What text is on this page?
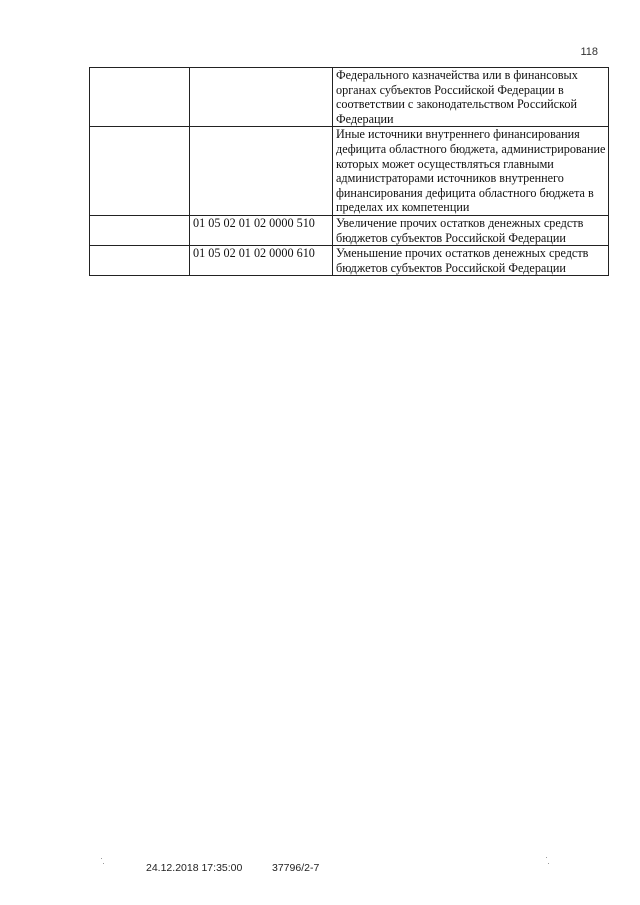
118
		Федерального казначейства или в финансовых органах субъектов Российской Федерации в соответствии с законодательством Российской Федерации
		Иные источники внутреннего финансирования дефицита областного бюджета, администрирование которых может осуществляться главными администраторами источников внутреннего финансирования дефицита областного бюджета в пределах их компетенции
	01 05 02 01 02 0000 510	Увеличение прочих остатков денежных средств бюджетов субъектов Российской Федерации
	01 05 02 01 02 0000 610	Уменьшение прочих остатков денежных средств бюджетов субъектов Российской Федерации
24.12.2018 17:35:00	37796/2-7
